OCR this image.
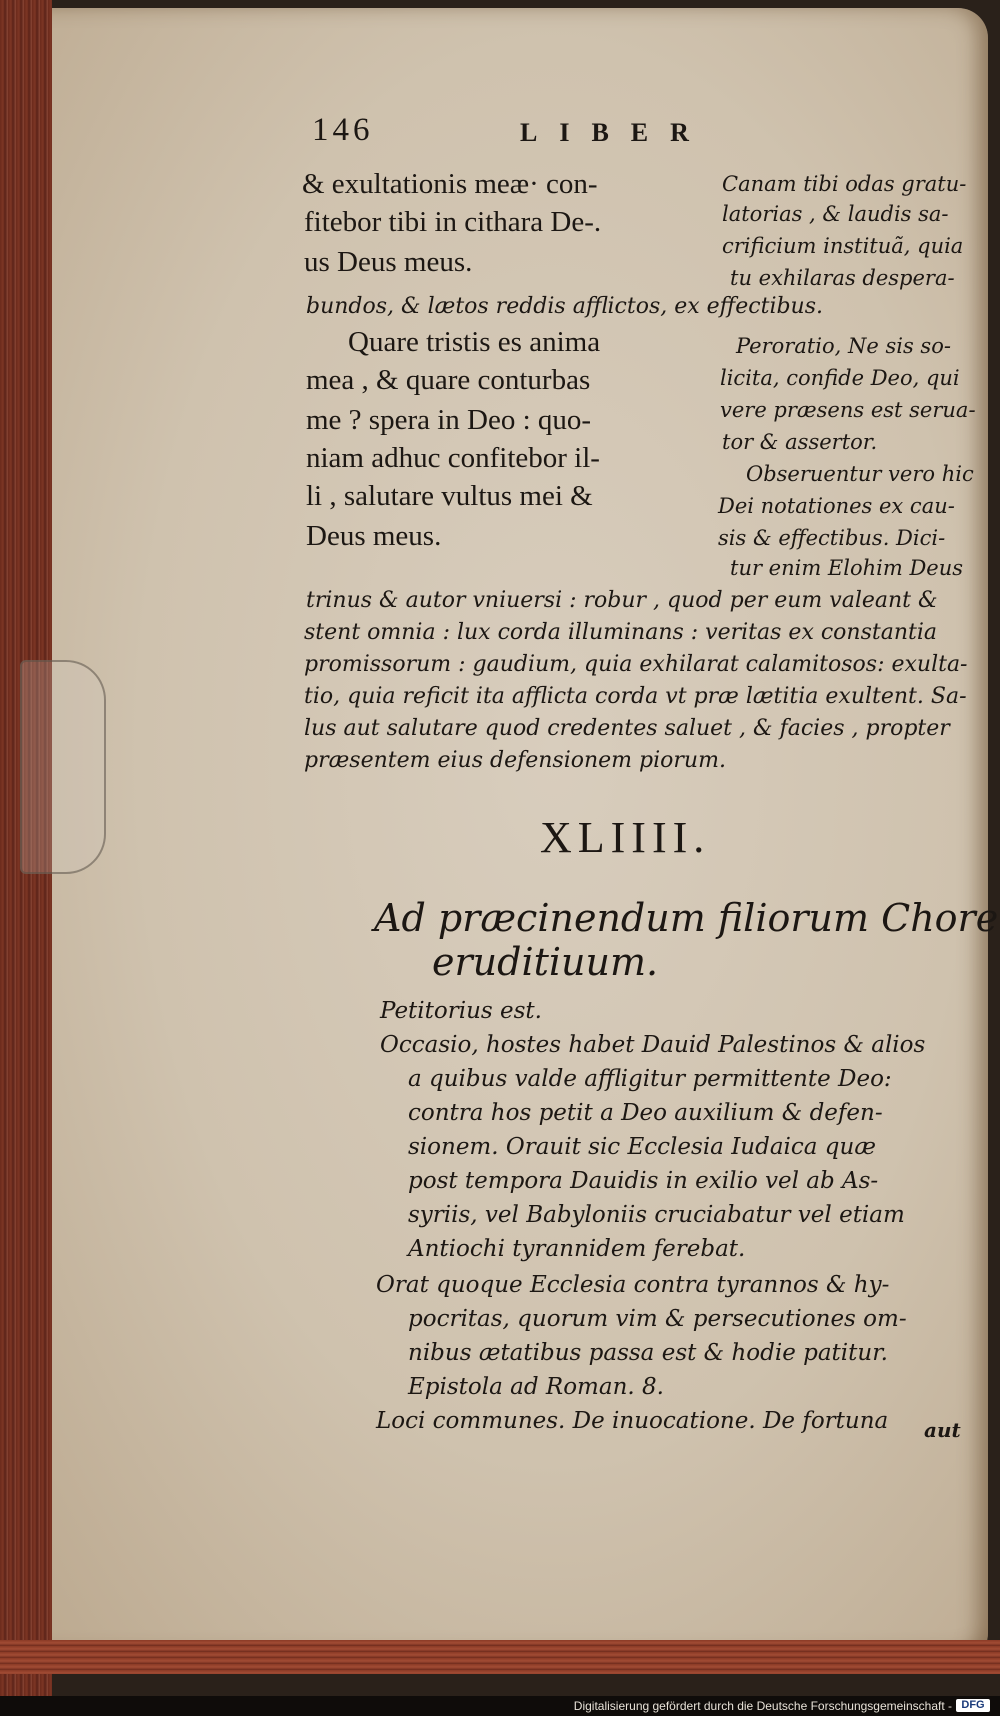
146	LIBER
& exultationis meæ· con-
fitebor tibi in cithara De-.
us Deus meus.
Canam tibi odas gratu-
latorias , & laudis sa-
crificium instituã, quia
tu exhilaras despera-
bundos, & lætos reddis afflictos, ex effectibus.
Quare tristis es anima
mea , & quare conturbas
me ? spera in Deo : quo-
niam adhuc confitebor il-
li , salutare vultus mei &
Deus meus.
Peroratio, Ne sis so-
licita, confide Deo, qui
vere præsens est serua-
tor & assertor.
Obseruentur vero hic
Dei notationes ex cau-
sis & effectibus. Dici-
tur enim Elohim Deus
trinus & autor vniuersi : robur , quod per eum valeant &
stent omnia : lux corda illuminans : veritas ex constantia
promissorum : gaudium, quia exhilarat calamitosos: exulta-
tio, quia reficit ita afflicta corda vt præ lætitia exultent. Sa-
lus aut salutare quod credentes saluet , & facies , propter
præsentem eius defensionem piorum.
XLIIII.
Ad præcinendum filiorum Chore
eruditiuum.
Petitorius est.
Occasio, hostes habet Dauid Palestinos & alios
a quibus valde affligitur permittente Deo:
contra hos petit a Deo auxilium & defen-
sionem. Orauit sic Ecclesia Iudaica quæ
post tempora Dauidis in exilio vel ab As-
syriis, vel Babyloniis cruciabatur vel etiam
Antiochi tyrannidem ferebat.
Orat quoque Ecclesia contra tyrannos & hy-
pocritas, quorum vim & persecutiones om-
nibus ætatibus passa est & hodie patitur.
Epistola ad Roman. 8.
Loci communes. De inuocatione. De fortuna aut
Digitalisierung gefördert durch die Deutsche Forschungsgemeinschaft - DFG
